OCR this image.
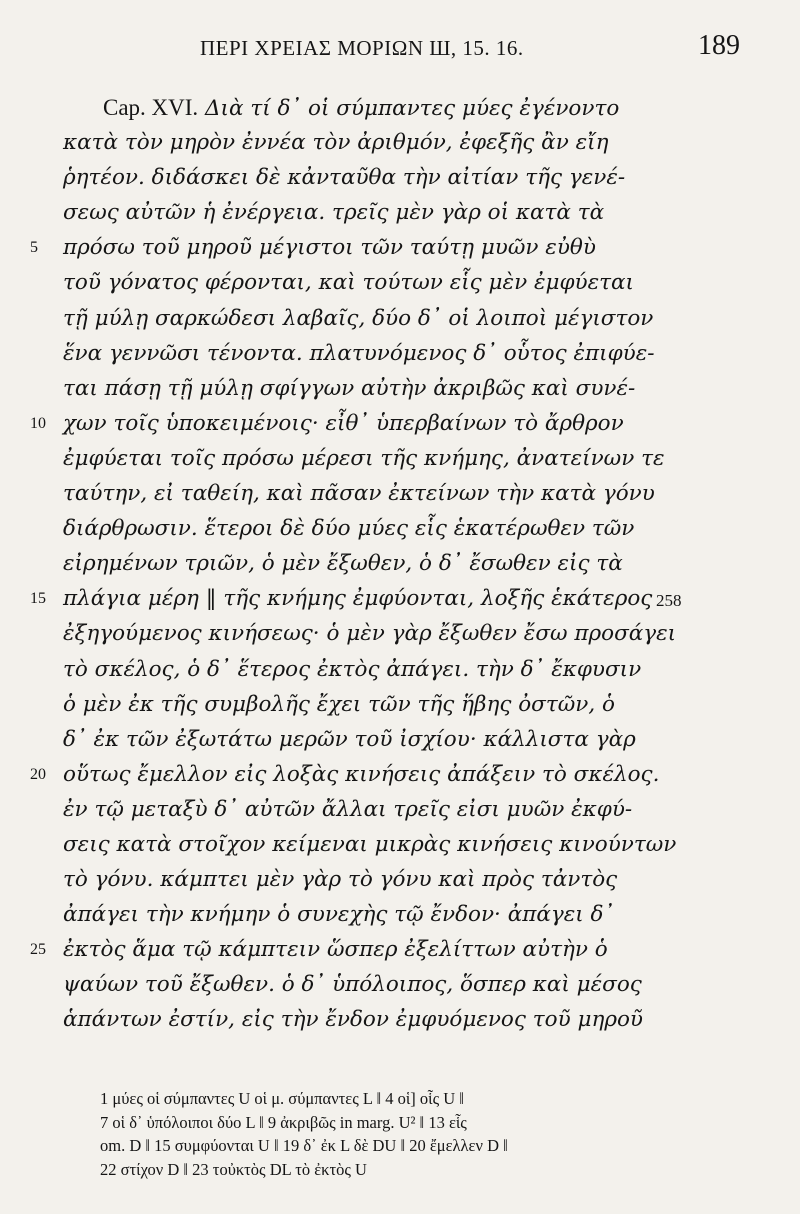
ΠΕΡΙ ΧΡΕΙΑΣ ΜΟΡΙΩΝ Ш, 15. 16.	189
Cap. XVI. Διὰ τί δ᾽ οἱ σύμπαντες μύες ἐγένοντο
κατὰ τὸν μηρὸν ἐννέα τὸν ἀριθμόν, ἐφεξῆς ἂν εἴη
ῥητέον. διδάσκει δὲ κἀνταῦθα τὴν αἰτίαν τῆς γενέ-
σεως αὐτῶν ἡ ἐνέργεια. τρεῖς μὲν γὰρ οἱ κατὰ τὰ
5	πρόσω τοῦ μηροῦ μέγιστοι τῶν ταύτῃ μυῶν εὐθὺ
τοῦ γόνατος φέρονται, καὶ τούτων εἷς μὲν ἐμφύεται
τῇ μύλῃ σαρκώδεσι λαβαῖς, δύο δ᾽ οἱ λοιποὶ μέγιστον
ἕνα γεννῶσι τένοντα. πλατυνόμενος δ᾽ οὗτος ἐπιφύε-
ται πάσῃ τῇ μύλῃ σφίγγων αὐτὴν ἀκριβῶς καὶ συνέ-
10 χων τοῖς ὑποκειμένοις· εἶθ᾽ ὑπερβαίνων τὸ ἄρθρον
ἐμφύεται τοῖς πρόσω μέρεσι τῆς κνήμης, ἀνατείνων τε
ταύτην, εἰ ταθείη, καὶ πᾶσαν ἐκτείνων τὴν κατὰ γόνυ
διάρθρωσιν. ἕτεροι δὲ δύο μύες εἷς ἑκατέρωθεν τῶν
εἰρημένων τριῶν, ὁ μὲν ἔξωθεν, ὁ δ᾽ ἔσωθεν εἰς τὰ
15 πλάγια μέρη ‖ τῆς κνήμης ἐμφύονται, λοξῆς ἑκάτερος 258
ἐξηγούμενος κινήσεως· ὁ μὲν γὰρ ἔξωθεν ἔσω προσάγει
τὸ σκέλος, ὁ δ᾽ ἕτερος ἐκτὸς ἀπάγει. τὴν δ᾽ ἔκφυσιν
ὁ μὲν ἐκ τῆς συμβολῆς ἔχει τῶν τῆς ἥβης ὀστῶν, ὁ
δ᾽ ἐκ τῶν ἐξωτάτω μερῶν τοῦ ἰσχίου· κάλλιστα γὰρ
20 οὕτως ἔμελλον εἰς λοξὰς κινήσεις ἀπάξειν τὸ σκέλος.
ἐν τῷ μεταξὺ δ᾽ αὐτῶν ἄλλαι τρεῖς εἰσι μυῶν ἐκφύ-
σεις κατὰ στοῖχον κείμεναι μικρὰς κινήσεις κινούντων
τὸ γόνυ. κάμπτει μὲν γὰρ τὸ γόνυ καὶ πρὸς τἀντὸς
ἀπάγει τὴν κνήμην ὁ συνεχὴς τῷ ἔνδον· ἀπάγει δ᾽
25 ἐκτὸς ἅμα τῷ κάμπτειν ὥσπερ ἐξελίττων αὐτὴν ὁ
ψαύων τοῦ ἔξωθεν. ὁ δ᾽ ὑπόλοιπος, ὅσπερ καὶ μέσος
ἁπάντων ἐστίν, εἰς τὴν ἔνδον ἐμφυόμενος τοῦ μηροῦ
1 μύες οἱ σύμπαντες U οἱ μ. σύμπαντες L ‖ 4 οἱ] οἷς U ‖
7 οἱ δ᾽ ὑπόλοιποι δύο L ‖ 9 ἀκριβῶς in marg. U² ‖ 13 εἷς
om. D ‖ 15 συμφύονται U ‖ 19 δ᾽ ἐκ L δὲ DU ‖ 20 ἔμελλεν D ‖
22 στίχον D ‖ 23 τοὐκτὸς DL τὸ ἐκτὸς U
